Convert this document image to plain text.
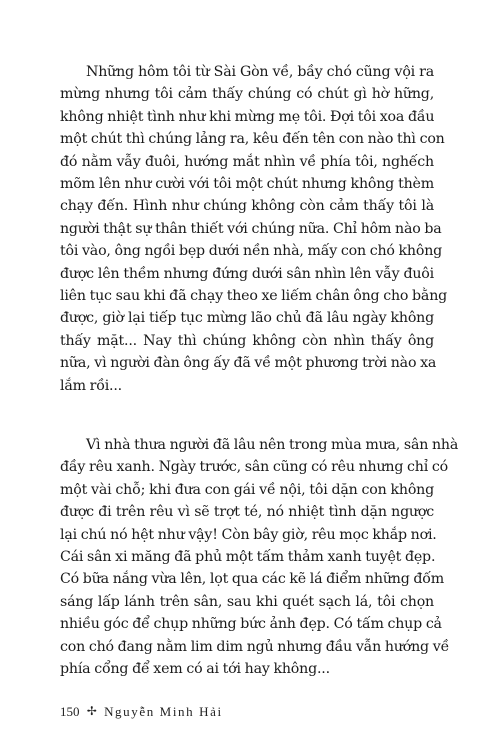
Những hôm tôi từ Sài Gòn về, bầy chó cũng vội ra
mừng nhưng tôi cảm thấy chúng có chút gì hờ hững,
không nhiệt tình như khi mừng mẹ tôi. Đợi tôi xoa đầu
một chút thì chúng lảng ra, kêu đến tên con nào thì con
đó nằm vẫy đuôi, hướng mắt nhìn về phía tôi, nghếch
mõm lên như cười với tôi một chút nhưng không thèm
chạy đến. Hình như chúng không còn cảm thấy tôi là
người thật sự thân thiết với chúng nữa. Chỉ hôm nào ba
tôi vào, ông ngồi bẹp dưới nền nhà, mấy con chó không
được lên thềm nhưng đứng dưới sân nhìn lên vẫy đuôi
liên tục sau khi đã chạy theo xe liếm chân ông cho bằng
được, giờ lại tiếp tục mừng lão chủ đã lâu ngày không
thấy mặt... Nay thì chúng không còn nhìn thấy ông
nữa, vì người đàn ông ấy đã về một phương trời nào xa
lắm rồi...
Vì nhà thưa người đã lâu nên trong mùa mưa, sân nhà
đầy rêu xanh. Ngày trước, sân cũng có rêu nhưng chỉ có
một vài chỗ; khi đưa con gái về nội, tôi dặn con không
được đi trên rêu vì sẽ trợt té, nó nhiệt tình dặn ngược
lại chú nó hệt như vậy! Còn bây giờ, rêu mọc khắp nơi.
Cái sân xi măng đã phủ một tấm thảm xanh tuyệt đẹp.
Có bữa nắng vừa lên, lọt qua các kẽ lá điểm những đốm
sáng lấp lánh trên sân, sau khi quét sạch lá, tôi chọn
nhiều góc để chụp những bức ảnh đẹp. Có tấm chụp cả
con chó đang nằm lim dim ngủ nhưng đầu vẫn hướng về
phía cổng để xem có ai tới hay không...
150 ✢ Nguyễn Minh Hải
